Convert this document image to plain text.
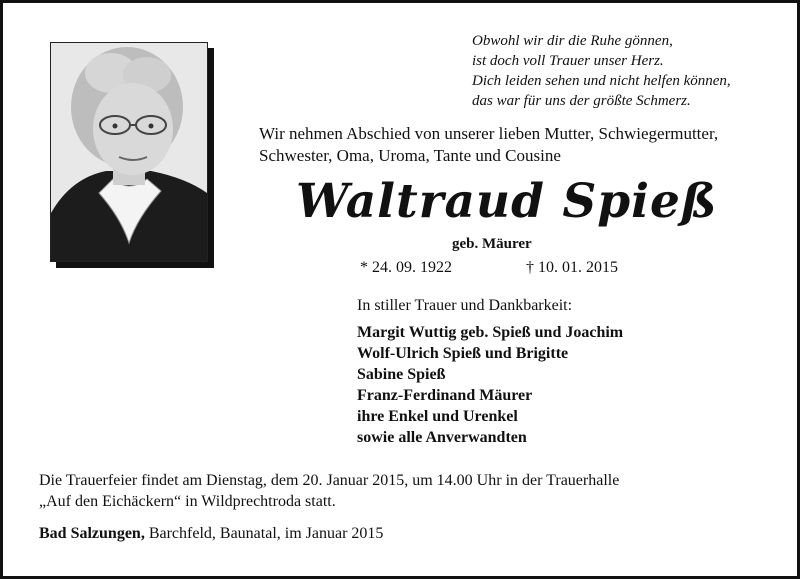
Obwohl wir dir die Ruhe gönnen,
ist doch voll Trauer unser Herz.
Dich leiden sehen und nicht helfen können,
das war für uns der größte Schmerz.
Wir nehmen Abschied von unserer lieben Mutter, Schwiegermutter,
Schwester, Oma, Uroma, Tante und Cousine
Waltraud Spieß
geb. Mäurer
* 24. 09. 1922	† 10. 01. 2015
In stiller Trauer und Dankbarkeit:
Margit Wuttig geb. Spieß und Joachim
Wolf-Ulrich Spieß und Brigitte
Sabine Spieß
Franz-Ferdinand Mäurer
ihre Enkel und Urenkel
sowie alle Anverwandten
Die Trauerfeier findet am Dienstag, dem 20. Januar 2015, um 14.00 Uhr in der Trauerhalle
„Auf den Eichäckern“ in Wildprechtroda statt.
Bad Salzungen, Barchfeld, Baunatal, im Januar 2015
